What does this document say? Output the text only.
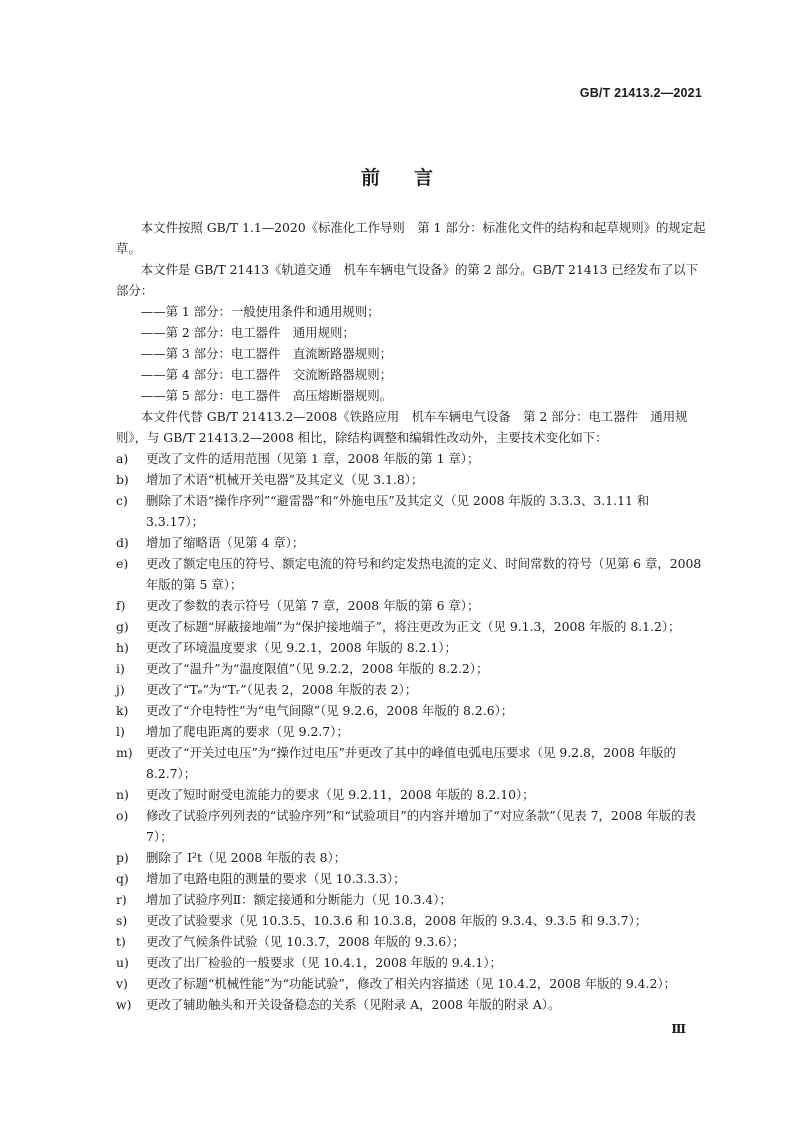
GB/T 21413.2—2021
前言

本文件按照 GB/T 1.1—2020《标准化工作导则　第 1 部分：标准化文件的结构和起草规则》的规定起草。

本文件是 GB/T 21413《轨道交通　机车车辆电气设备》的第 2 部分。GB/T 21413 已经发布了以下部分：

——第 1 部分：一般使用条件和通用规则；

——第 2 部分：电工器件　通用规则；

——第 3 部分：电工器件　直流断路器规则；

——第 4 部分：电工器件　交流断路器规则；

——第 5 部分：电工器件　高压熔断器规则。

本文件代替 GB/T 21413.2—2008《铁路应用　机车车辆电气设备　第 2 部分：电工器件　通用规则》，与 GB/T 21413.2—2008 相比，除结构调整和编辑性改动外，主要技术变化如下：

a)	更改了文件的适用范围（见第 1 章，2008 年版的第 1 章）；
b)	增加了术语“机械开关电器”及其定义（见 3.1.8）；
c)	删除了术语“操作序列”“避雷器”和“外施电压”及其定义（见 2008 年版的 3.3.3、3.1.11 和 3.3.17）；
d)	增加了缩略语（见第 4 章）；
e)	更改了额定电压的符号、额定电流的符号和约定发热电流的定义、时间常数的符号（见第 6 章，2008 年版的第 5 章）；
f)	更改了参数的表示符号（见第 7 章，2008 年版的第 6 章）；
g)	更改了标题“屏蔽接地端”为“保护接地端子”，将注更改为正文（见 9.1.3，2008 年版的 8.1.2）；
h)	更改了环境温度要求（见 9.2.1，2008 年版的 8.2.1）；
i)	更改了“温升”为“温度限值”（见 9.2.2，2008 年版的 8.2.2）；
j)	更改了“Tₑ”为“Tᵣ”（见表 2，2008 年版的表 2）；
k)	更改了“介电特性”为“电气间隙”（见 9.2.6，2008 年版的 8.2.6）；
l)	增加了爬电距离的要求（见 9.2.7）；
m)	更改了“开关过电压”为“操作过电压”并更改了其中的峰值电弧电压要求（见 9.2.8，2008 年版的 8.2.7）；
n)	更改了短时耐受电流能力的要求（见 9.2.11，2008 年版的 8.2.10）；
o)	修改了试验序列列表的“试验序列”和“试验项目”的内容并增加了“对应条款”（见表 7，2008 年版的表 7）；
p)	删除了 I²t（见 2008 年版的表 8）；
q)	增加了电路电阻的测量的要求（见 10.3.3.3）；
r)	增加了试验序列Ⅱ：额定接通和分断能力（见 10.3.4）；
s)	更改了试验要求（见 10.3.5、10.3.6 和 10.3.8，2008 年版的 9.3.4、9.3.5 和 9.3.7）；
t)	更改了气候条件试验（见 10.3.7，2008 年版的 9.3.6）；
u)	更改了出厂检验的一般要求（见 10.4.1，2008 年版的 9.4.1）；
v)	更改了标题“机械性能”为“功能试验”，修改了相关内容描述（见 10.4.2，2008 年版的 9.4.2）；
w)	更改了辅助触头和开关设备稳态的关系（见附录 A，2008 年版的附录 A）。
Ⅲ
